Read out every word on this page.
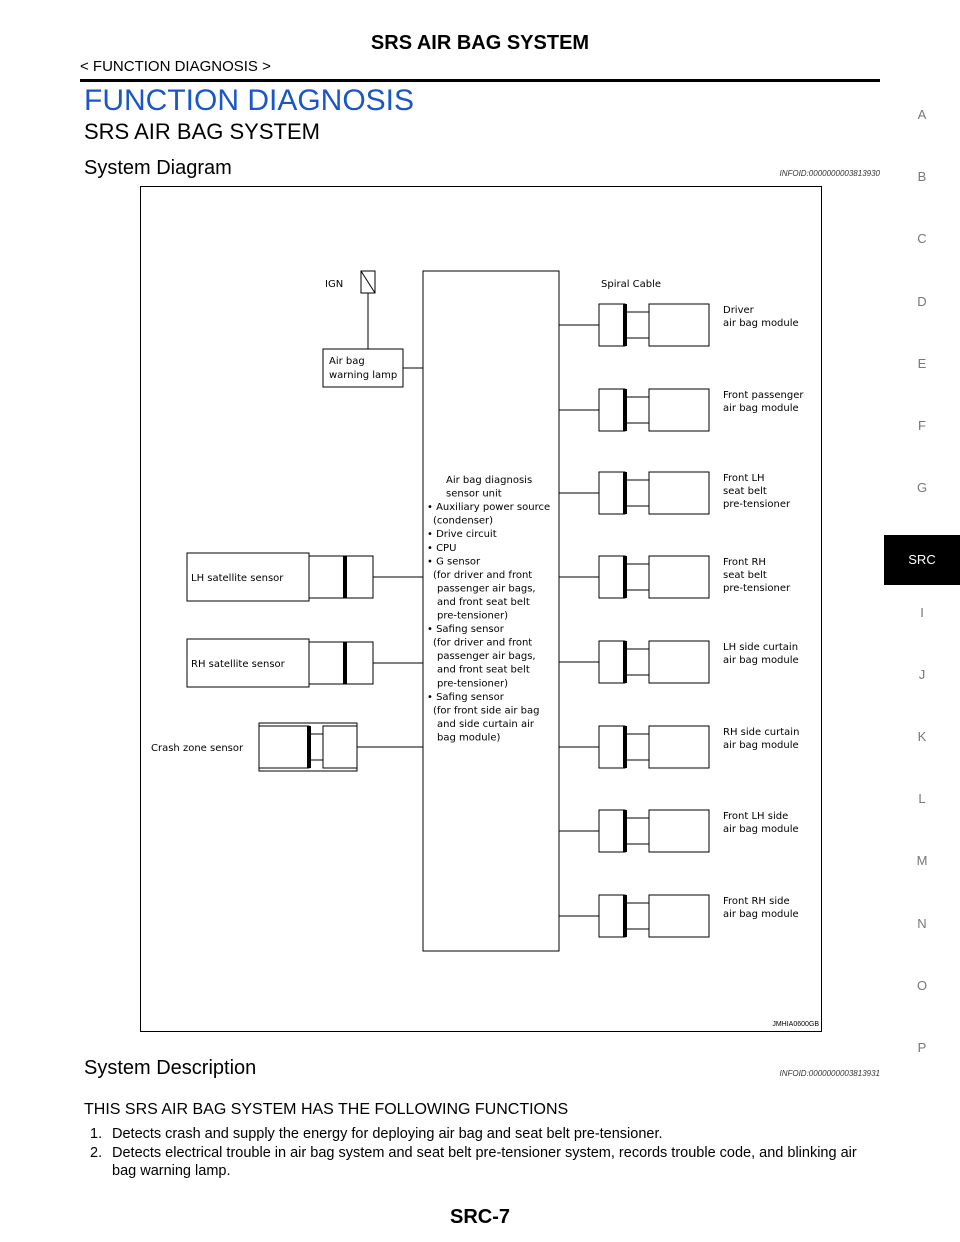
SRS AIR BAG SYSTEM
< FUNCTION DIAGNOSIS >
FUNCTION DIAGNOSIS
SRS AIR BAG SYSTEM
System Diagram	INFOID:0000000003813930
IGN
Air bag
warning lamp
Air bag diagnosis
sensor unit
• Auxiliary power source
(condenser)
• Drive circuit
• CPU
• G sensor
(for driver and front
passenger air bags,
and front seat belt
pre-tensioner)
• Safing sensor
(for driver and front
passenger air bags,
and front seat belt
pre-tensioner)
• Safing sensor
(for front side air bag
and side curtain air
bag module)
Spiral Cable
LH satellite sensor
RH satellite sensor
Crash zone sensor
Driver
air bag module
Front passenger
air bag module
Front LH
seat belt
pre-tensioner
Front RH
seat belt
pre-tensioner
LH side curtain
air bag module
RH side curtain
air bag module
Front LH side
air bag module
Front RH side
air bag module
JMHIA0600GB
A
B
C
D
E
F
G
SRC
I
J
K
L
M
N
O
P
System Description	INFOID:0000000003813931
THIS SRS AIR BAG SYSTEM HAS THE FOLLOWING FUNCTIONS
1. Detects crash and supply the energy for deploying air bag and seat belt pre-tensioner.
2. Detects electrical trouble in air bag system and seat belt pre-tensioner system, records trouble code, and blinking air bag warning lamp.
SRC-7
